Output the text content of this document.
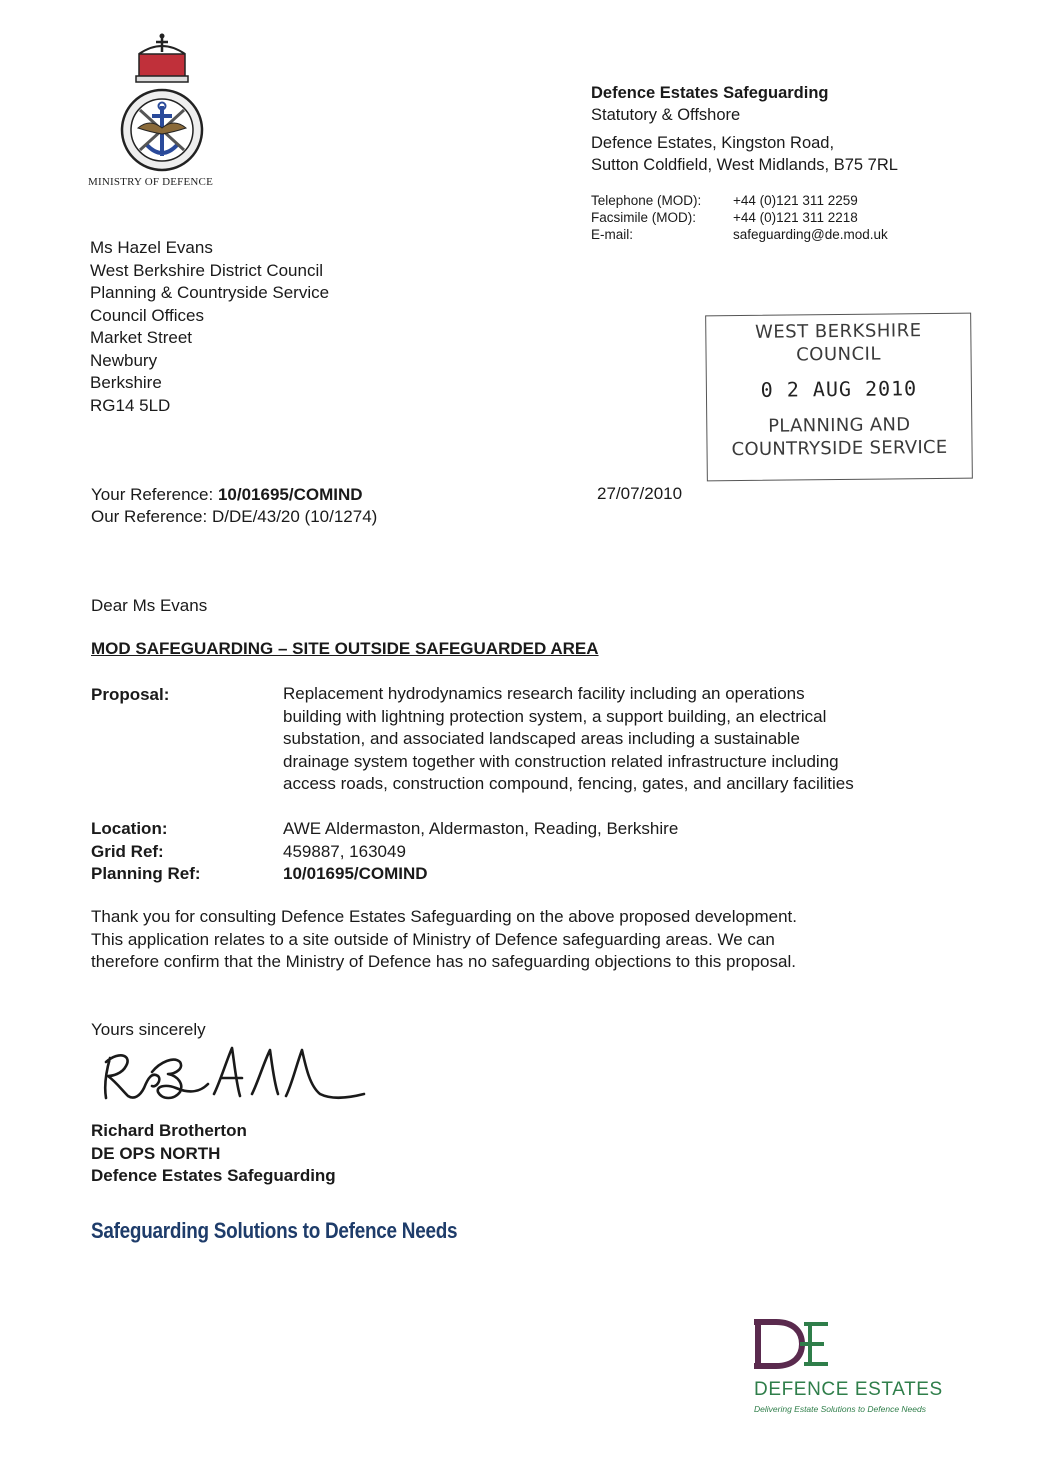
MINISTRY OF DEFENCE
Defence Estates Safeguarding
Statutory & Offshore
Defence Estates, Kingston Road,
Sutton Coldfield, West Midlands, B75 7RL
Telephone (MOD):	+44 (0)121 311 2259
Facsimile (MOD):	+44 (0)121 311 2218
E-mail:	safeguarding@de.mod.uk
Ms Hazel Evans
West Berkshire District Council
Planning & Countryside Service
Council Offices
Market Street
Newbury
Berkshire
RG14 5LD
WEST BERKSHIRE
COUNCIL
0 2 AUG 2010
PLANNING AND
COUNTRYSIDE SERVICE
Your Reference: 10/01695/COMIND
Our Reference: D/DE/43/20 (10/1274)
27/07/2010
Dear Ms Evans
MOD SAFEGUARDING – SITE OUTSIDE SAFEGUARDED AREA
Proposal:	Replacement hydrodynamics research facility including an operations
building with lightning protection system, a support building, an electrical
substation, and associated landscaped areas including a sustainable
drainage system together with construction related infrastructure including
access roads, construction compound, fencing, gates, and ancillary facilities
Location:	AWE Aldermaston, Aldermaston, Reading, Berkshire
Grid Ref:	459887, 163049
Planning Ref:	10/01695/COMIND
Thank you for consulting Defence Estates Safeguarding on the above proposed development.
This application relates to a site outside of Ministry of Defence safeguarding areas. We can
therefore confirm that the Ministry of Defence has no safeguarding objections to this proposal.
Yours sincerely
Richard Brotherton
DE OPS NORTH
Defence Estates Safeguarding
Safeguarding Solutions to Defence Needs
DEFENCE ESTATES
Delivering Estate Solutions to Defence Needs
